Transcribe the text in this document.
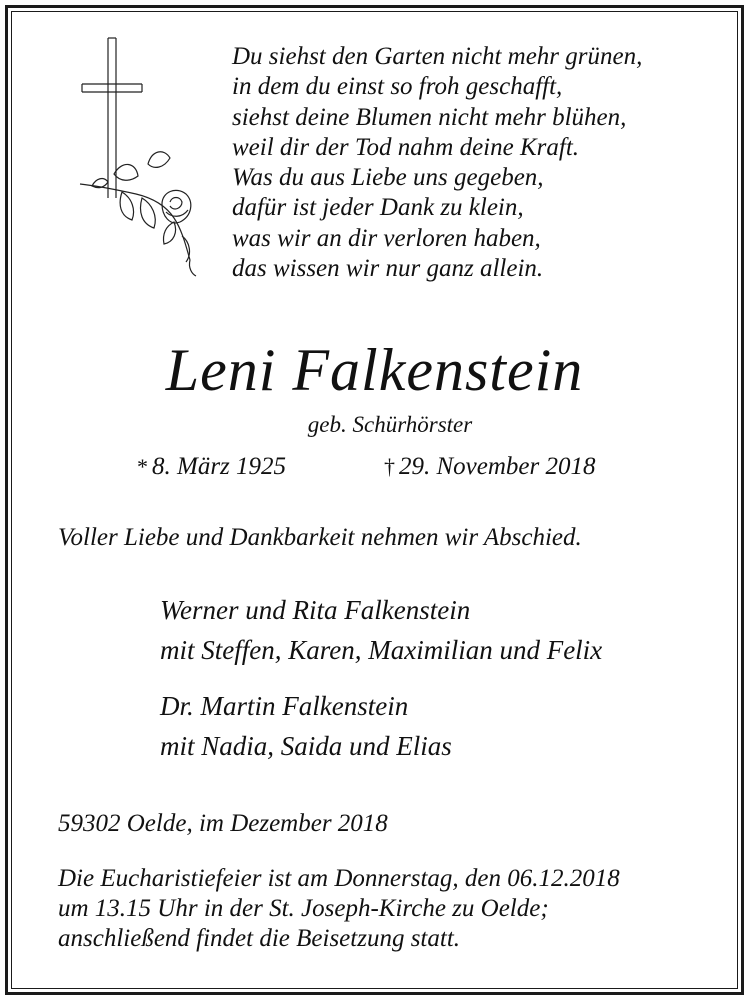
Du siehst den Garten nicht mehr grünen,
in dem du einst so froh geschafft,
siehst deine Blumen nicht mehr blühen,
weil dir der Tod nahm deine Kraft.
Was du aus Liebe uns gegeben,
dafür ist jeder Dank zu klein,
was wir an dir verloren haben,
das wissen wir nur ganz allein.
Leni Falkenstein
geb. Schürhörster
* 8. März 1925	† 29. November 2018
Voller Liebe und Dankbarkeit nehmen wir Abschied.
Werner und Rita Falkenstein
mit Steffen, Karen, Maximilian und Felix
Dr. Martin Falkenstein
mit Nadia, Saida und Elias
59302 Oelde, im Dezember 2018
Die Eucharistiefeier ist am Donnerstag, den 06.12.2018
um 13.15 Uhr in der St. Joseph-Kirche zu Oelde;
anschließend findet die Beisetzung statt.
